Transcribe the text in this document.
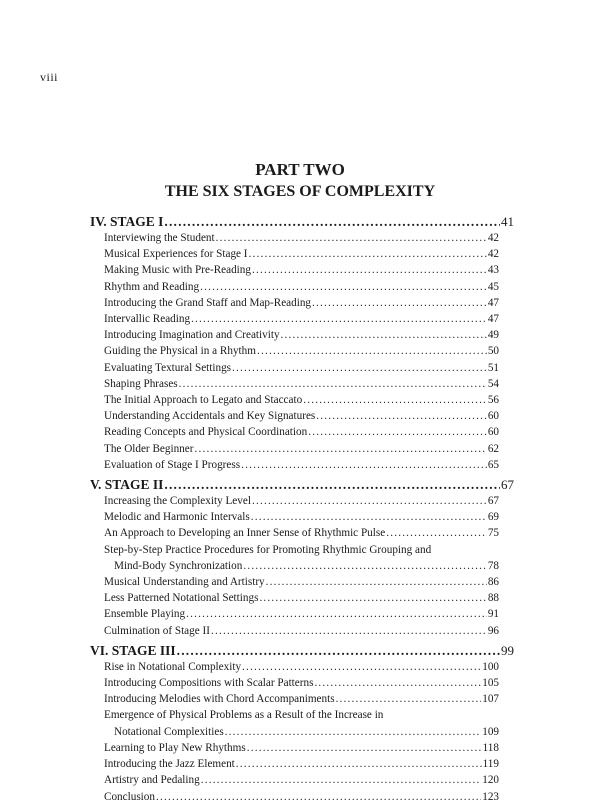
viii
PART TWO
THE SIX STAGES OF COMPLEXITY
IV. STAGE I .....	41
Interviewing the Student .....	42
Musical Experiences for Stage I .....	42
Making Music with Pre-Reading .....	43
Rhythm and Reading .....	45
Introducing the Grand Staff and Map-Reading .....	47
Intervallic Reading .....	47
Introducing Imagination and Creativity .....	49
Guiding the Physical in a Rhythm .....	50
Evaluating Textural Settings .....	51
Shaping Phrases .....	54
The Initial Approach to Legato and Staccato .....	56
Understanding Accidentals and Key Signatures .....	60
Reading Concepts and Physical Coordination .....	60
The Older Beginner .....	62
Evaluation of Stage I Progress .....	65
V. STAGE II .....	67
Increasing the Complexity Level .....	67
Melodic and Harmonic Intervals .....	69
An Approach to Developing an Inner Sense of Rhythmic Pulse .....	75
Step-by-Step Practice Procedures for Promoting Rhythmic Grouping and
Mind-Body Synchronization .....	78
Musical Understanding and Artistry .....	86
Less Patterned Notational Settings .....	88
Ensemble Playing .....	91
Culmination of Stage II .....	96
VI. STAGE III .....	99
Rise in Notational Complexity .....	100
Introducing Compositions with Scalar Patterns .....	105
Introducing Melodies with Chord Accompaniments .....	107
Emergence of Physical Problems as a Result of the Increase in
Notational Complexities .....	109
Learning to Play New Rhythms .....	118
Introducing the Jazz Element .....	119
Artistry and Pedaling .....	120
Conclusion .....	123
